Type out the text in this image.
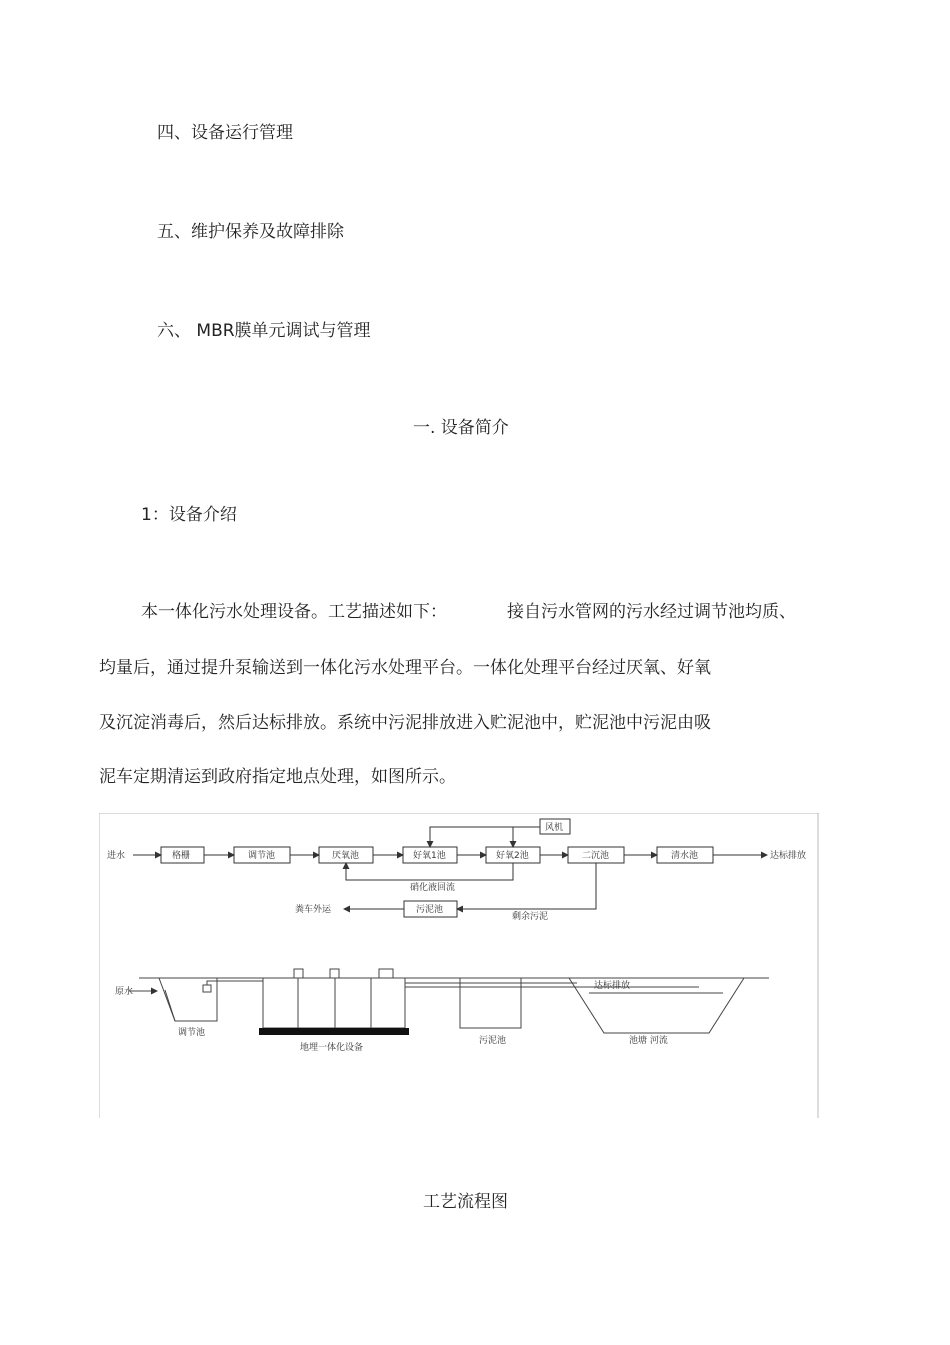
四、设备运行管理
五、维护保养及故障排除
六、 MBR膜单元调试与管理
一. 设备简介
1：设备介绍
本一体化污水处理设备。工艺描述如下：	接自污水管网的污水经过调节池均质、
均量后，通过提升泵输送到一体化污水处理平台。一体化处理平台经过厌氧、好氧
及沉淀消毒后，然后达标排放。系统中污泥排放进入贮泥池中，贮泥池中污泥由吸
泥车定期清运到政府指定地点处理，如图所示。
进水	格栅	调节池	厌氧池	好氧1池	好氧2池	二沉池	清水池	达标排放
风机
硝化液回流
污泥池
粪车外运
剩余污泥
原水
调节池
地埋一体化设备
污泥池
达标排放
池塘 河流
工艺流程图
